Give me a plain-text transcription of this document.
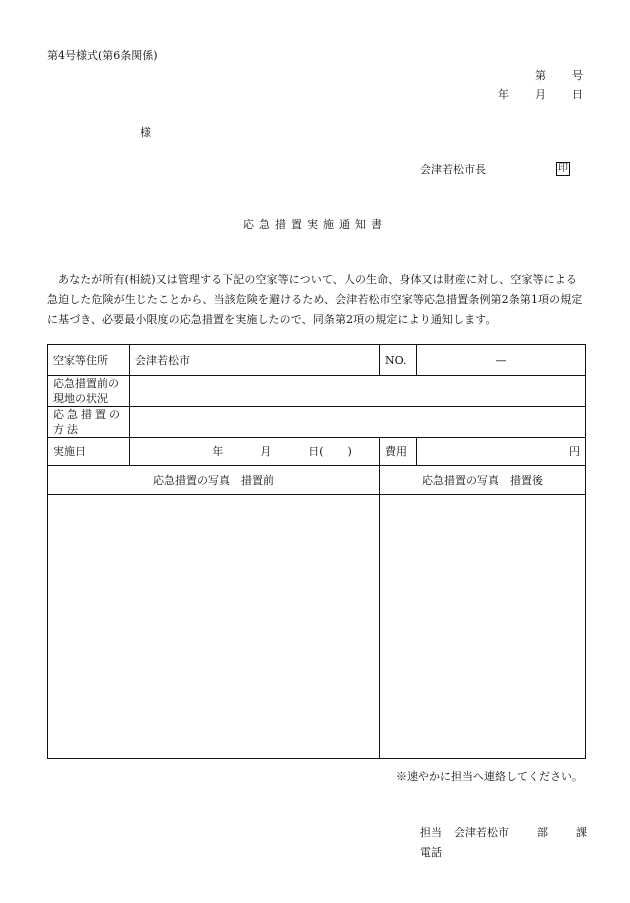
第4号様式(第6条関係)
第 号
年 月 日
様
会津若松市長	印
応急措置実施通知書
あなたが所有(相続)又は管理する下記の空家等について、人の生命、身体又は財産に対し、空家等による急迫した危険が生じたことから、当該危険を避けるため、会津若松市空家等応急措置条例第2条第1項の規定に基づき、必要最小限度の応急措置を実施したので、同条第2項の規定により通知します。
空家等住所	会津若松市	NO.	—
応急措置前の現地の状況			
応急措置の方法			
実施日	年 月 日( )	費用	円
応急措置の写真　措置前		応急措置の写真　措置後	

※速やかに担当へ連絡してください。
担当 会津若松市	部	課
電話
